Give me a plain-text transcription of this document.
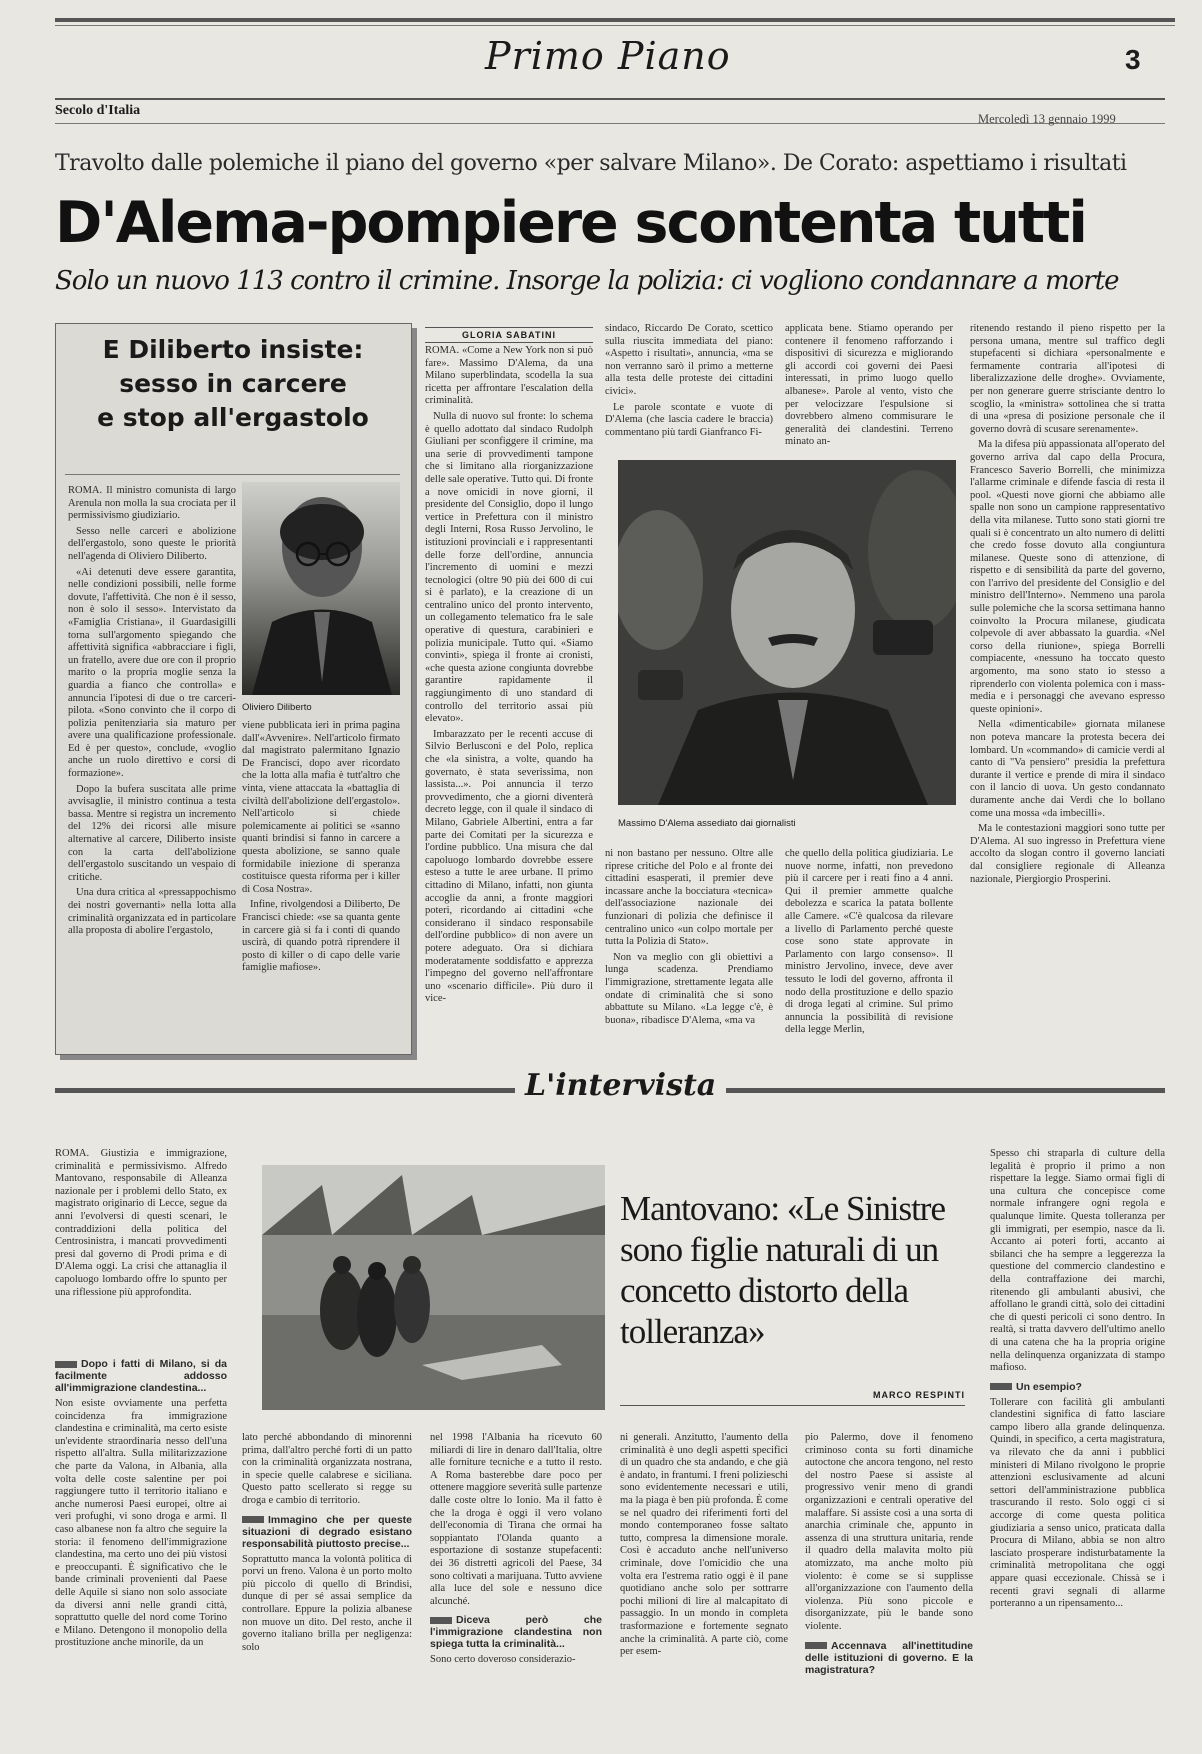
Primo Piano	3
Secolo d'Italia
Mercoledì 13 gennaio 1999
Travolto dalle polemiche il piano del governo «per salvare Milano». De Corato: aspettiamo i risultati
D'Alema-pompiere scontenta tutti
Solo un nuovo 113 contro il crimine. Insorge la polizia: ci vogliono condannare a morte
E Diliberto insiste:
sesso in carcere
e stop all'ergastolo

ROMA. Il ministro comunista di largo Arenula non molla la sua crociata per il permissivismo giudiziario.

Sesso nelle carceri e abolizione dell'ergastolo, sono queste le priorità nell'agenda di Oliviero Diliberto.

«Ai detenuti deve essere garantita, nelle condizioni possibili, nelle forme dovute, l'affettività. Che non è il sesso, non è solo il sesso». Intervistato da «Famiglia Cristiana», il Guardasigilli torna sull'argomento spiegando che affettività significa «abbracciare i figli, un fratello, avere due ore con il proprio marito o la propria moglie senza la guardia a fianco che controlla» e annuncia l'ipotesi di due o tre carceri-pilota. «Sono convinto che il corpo di polizia penitenziaria sia maturo per avere una qualificazione professionale. Ed è per questo», conclude, «voglio anche un ruolo direttivo e corsi di formazione».

Dopo la bufera suscitata alle prime avvisaglie, il ministro continua a testa bassa. Mentre si registra un incremento del 12% dei ricorsi alle misure alternative al carcere, Diliberto insiste con la carta dell'abolizione dell'ergastolo suscitando un vespaio di critiche.

Una dura critica al «pressappochismo dei nostri governanti» nella lotta alla criminalità organizzata ed in particolare alla proposta di abolire l'ergastolo,

Oliviero Diliberto

viene pubblicata ieri in prima pagina dall'«Avvenire». Nell'articolo firmato dal magistrato palermitano Ignazio De Francisci, dopo aver ricordato che la lotta alla mafia è tutt'altro che vinta, viene attaccata la «battaglia di civiltà dell'abolizione dell'ergastolo». Nell'articolo si chiede polemicamente ai politici se «sanno quanti brindisi si fanno in carcere a questa abolizione, se sanno quale formidabile iniezione di speranza costituisce questa riforma per i killer di Cosa Nostra».

Infine, rivolgendosi a Diliberto, De Francisci chiede: «se sa quanta gente in carcere già si fa i conti di quando uscirà, di quando potrà riprendere il posto di killer o di capo delle varie famiglie mafiose».

GLORIA SABATINI

ROMA. «Come a New York non si può fare». Massimo D'Alema, da una Milano superblindata, scodella la sua ricetta per affrontare l'escalation della criminalità.

Nulla di nuovo sul fronte: lo schema è quello adottato dal sindaco Rudolph Giuliani per sconfiggere il crimine, ma una serie di provvedimenti tampone che si limitano alla riorganizzazione delle sale operative. Tutto qui. Di fronte a nove omicidi in nove giorni, il presidente del Consiglio, dopo il lungo vertice in Prefettura con il ministro degli Interni, Rosa Russo Jervolino, le istituzioni provinciali e i rappresentanti delle forze dell'ordine, annuncia l'incremento di uomini e mezzi tecnologici (oltre 90 più dei 600 di cui si è parlato), e la creazione di un centralino unico del pronto intervento, un collegamento telematico fra le sale operative di questura, carabinieri e polizia municipale. Tutto qui. «Siamo convinti», spiega il fronte ai cronisti, «che questa azione congiunta dovrebbe garantire rapidamente il raggiungimento di uno standard di controllo del territorio assai più elevato».

Imbarazzato per le recenti accuse di Silvio Berlusconi e del Polo, replica che «la sinistra, a volte, quando ha governato, è stata severissima, non lassista...». Poi annuncia il terzo provvedimento, che a giorni diventerà decreto legge, con il quale il sindaco di Milano, Gabriele Albertini, entra a far parte dei Comitati per la sicurezza e l'ordine pubblico. Una misura che dal capoluogo lombardo dovrebbe essere esteso a tutte le aree urbane. Il primo cittadino di Milano, infatti, non giunta accoglie da anni, a fronte maggiori poteri, ricordando ai cittadini «che considerano il sindaco responsabile dell'ordine pubblico» di non avere un potere adeguato. Ora si dichiara moderatamente soddisfatto e apprezza l'impegno del governo nell'affrontare uno «scenario difficile». Più duro il vice-

sindaco, Riccardo De Corato, scettico sulla riuscita immediata del piano: «Aspetto i risultati», annuncia, «ma se non verranno sarò il primo a metterne alla testa delle proteste dei cittadini civici».

Le parole scontate e vuote di D'Alema (che lascia cadere le braccia) commentano più tardi Gianfranco Fi-

applicata bene. Stiamo operando per contenere il fenomeno rafforzando i dispositivi di sicurezza e migliorando gli accordi coi governi dei Paesi interessati, in primo luogo quello albanese». Parole al vento, visto che per velocizzare l'espulsione si dovrebbero almeno commisurare le generalità dei clandestini. Terreno minato an-

Massimo D'Alema assediato dai giornalisti

ni non bastano per nessuno. Oltre alle riprese critiche del Polo e al fronte dei cittadini esasperati, il premier deve incassare anche la bocciatura «tecnica» dell'associazione nazionale dei funzionari di polizia che definisce il centralino unico «un colpo mortale per tutta la Polizia di Stato».

Non va meglio con gli obiettivi a lunga scadenza. Prendiamo l'immigrazione, strettamente legata alle ondate di criminalità che si sono abbattute su Milano. «La legge c'è, è buona», ribadisce D'Alema, «ma va

che quello della politica giudiziaria. Le nuove norme, infatti, non prevedono più il carcere per i reati fino a 4 anni. Qui il premier ammette qualche debolezza e scarica la patata bollente alle Camere. «C'è qualcosa da rilevare a livello di Parlamento perché queste cose sono state approvate in Parlamento con largo consenso». Il ministro Jervolino, invece, deve aver tessuto le lodi del governo, affronta il nodo della prostituzione e dello spazio di droga legati al crimine. Sul primo annuncia la possibilità di revisione della legge Merlin,

ritenendo restando il pieno rispetto per la persona umana, mentre sul traffico degli stupefacenti si dichiara «personalmente e fermamente contraria all'ipotesi di liberalizzazione delle droghe». Ovviamente, per non generare guerre strisciante dentro lo scoglio, la «ministra» sottolinea che si tratta di una «presa di posizione personale che il governo dovrà di scusare serenamente».

Ma la difesa più appassionata all'operato del governo arriva dal capo della Procura, Francesco Saverio Borrelli, che minimizza l'allarme criminale e difende fascia di resta il pool. «Questi nove giorni che abbiamo alle spalle non sono un campione rappresentativo della vita milanese. Tutto sono stati giorni tre quali si è concentrato un alto numero di delitti che credo fosse dovuto alla congiuntura milanese. Queste sono di attenzione, di rispetto e di sensibilità da parte del governo, con l'arrivo del presidente del Consiglio e del ministro dell'Interno». Nemmeno una parola sulle polemiche che la scorsa settimana hanno coinvolto la Procura milanese, giudicata colpevole di aver abbassato la guardia. «Nel corso della riunione», spiega Borrelli compiacente, «nessuno ha toccato questo argomento, ma sono stato io stesso a riprenderlo con violenta polemica con i mass-media e i personaggi che avevano espresso queste opinioni».

Nella «dimenticabile» giornata milanese non poteva mancare la protesta becera dei lombard. Un «commando» di camicie verdi al canto di "Va pensiero" presidia la prefettura durante il vertice e prende di mira il sindaco con il lancio di uova. Un gesto condannato duramente anche dai Verdi che lo bollano come una mossa «da imbecilli».

Ma le contestazioni maggiori sono tutte per D'Alema. Al suo ingresso in Prefettura viene accolto da slogan contro il governo lanciati dal consigliere regionale di Alleanza nazionale, Piergiorgio Prosperini.

L'intervista

ROMA. Giustizia e immigrazione, criminalità e permissivismo. Alfredo Mantovano, responsabile di Alleanza nazionale per i problemi dello Stato, ex magistrato originario di Lecce, segue da anni l'evolversi di questi scenari, le contraddizioni della politica del Centrosinistra, i mancati provvedimenti presi dal governo di Prodi prima e di D'Alema oggi. La crisi che attanaglia il capoluogo lombardo offre lo spunto per una riflessione più approfondita.

Mantovano: «Le Sinistre sono figlie naturali di un concetto distorto della tolleranza»
MARCO RESPINTI
Dopo i fatti di Milano, si da facilmente addosso all'immigrazione clandestina...

Non esiste ovviamente una perfetta coincidenza fra immigrazione clandestina e criminalità, ma certo esiste un'evidente straordinaria nesso dell'una rispetto all'altra. Sulla militarizzazione che parte da Valona, in Albania, alla volta delle coste salentine per poi raggiungere tutto il territorio italiano e anche numerosi Paesi europei, oltre ai veri profughi, vi sono droga e armi. Il caso albanese non fa altro che seguire la storia: il fenomeno dell'immigrazione clandestina, ma certo uno dei più vistosi e preoccupanti. È significativo che le bande criminali provenienti dal Paese delle Aquile si siano non solo associate da diversi anni nelle grandi città, soprattutto quelle del nord come Torino e Milano. Detengono il monopolio della prostituzione anche minorile, da un

lato perché abbondando di minorenni prima, dall'altro perché forti di un patto con la criminalità organizzata nostrana, in specie quelle calabrese e siciliana. Questo patto scellerato si regge su droga e cambio di territorio.

Immagino che per queste situazioni di degrado esistano responsabilità piuttosto precise...

Soprattutto manca la volontà politica di porvi un freno. Valona è un porto molto più piccolo di quello di Brindisi, dunque di per sé assai semplice da controllare. Eppure la polizia albanese non muove un dito. Del resto, anche il governo italiano brilla per negligenza: solo

nel 1998 l'Albania ha ricevuto 60 miliardi di lire in denaro dall'Italia, oltre alle forniture tecniche e a tutto il resto. A Roma basterebbe dare poco per ottenere maggiore severità sulle partenze dalle coste oltre lo Ionio. Ma il fatto è che la droga è oggi il vero volano dell'economia di Tirana che ormai ha soppiantato l'Olanda quanto a esportazione di sostanze stupefacenti: dei 36 distretti agricoli del Paese, 34 sono coltivati a marijuana. Tutto avviene alla luce del sole e nessuno dice alcunché.

Diceva però che l'immigrazione clandestina non spiega tutta la criminalità...

Sono certo doveroso considerazio-

ni generali. Anzitutto, l'aumento della criminalità è uno degli aspetti specifici di un quadro che sta andando, e che già è andato, in frantumi. I freni polizieschi sono evidentemente necessari e utili, ma la piaga è ben più profonda. È come se nel quadro dei riferimenti forti del mondo contemporaneo fosse saltato tutto, compresa la dimensione morale. Così è accaduto anche nell'universo criminale, dove l'omicidio che una volta era l'estrema ratio oggi è il pane quotidiano anche solo per sottrarre pochi milioni di lire al malcapitato di passaggio. In un mondo in completa trasformazione e fortemente segnato anche la criminalità. A parte ciò, come per esem-

pio Palermo, dove il fenomeno criminoso conta su forti dinamiche autoctone che ancora tengono, nel resto del nostro Paese si assiste al progressivo venir meno di grandi organizzazioni e centrali operative del malaffare. Si assiste così a una sorta di anarchia criminale che, appunto in assenza di una struttura unitaria, rende il quadro della malavita molto più atomizzato, ma anche molto più violento: è come se si supplisse all'organizzazione con l'aumento della violenza. Più sono piccole e disorganizzate, più le bande sono violente.

Accennava all'inettitudine delle istituzioni di governo. E la magistratura?

Spesso chi straparla di culture della legalità è proprio il primo a non rispettare la legge. Siamo ormai figli di una cultura che concepisce come normale infrangere ogni regola e qualunque limite. Questa tolleranza per gli immigrati, per esempio, nasce da lì. Accanto ai poteri forti, accanto ai sbilanci che ha sempre a leggerezza la questione del commercio clandestino e della contraffazione dei marchi, ritenendo gli ambulanti abusivi, che affollano le grandi città, solo dei cittadini che di questi pericoli ci sono dentro. In realtà, si tratta davvero dell'ultimo anello di una catena che ha la propria origine nella delinquenza organizzata di stampo mafioso.

Un esempio?

Tollerare con facilità gli ambulanti clandestini significa di fatto lasciare campo libero alla grande delinquenza. Quindi, in specifico, a certa magistratura, va rilevato che da anni i pubblici ministeri di Milano rivolgono le proprie attenzioni esclusivamente ad alcuni settori dell'amministrazione pubblica trascurando il resto. Solo oggi ci si accorge di come questa politica giudiziaria a senso unico, praticata dalla Procura di Milano, abbia se non altro lasciato prosperare indisturbatamente la criminalità metropolitana che oggi appare quasi eccezionale. Chissà se i recenti gravi segnali di allarme porteranno a un ripensamento...
